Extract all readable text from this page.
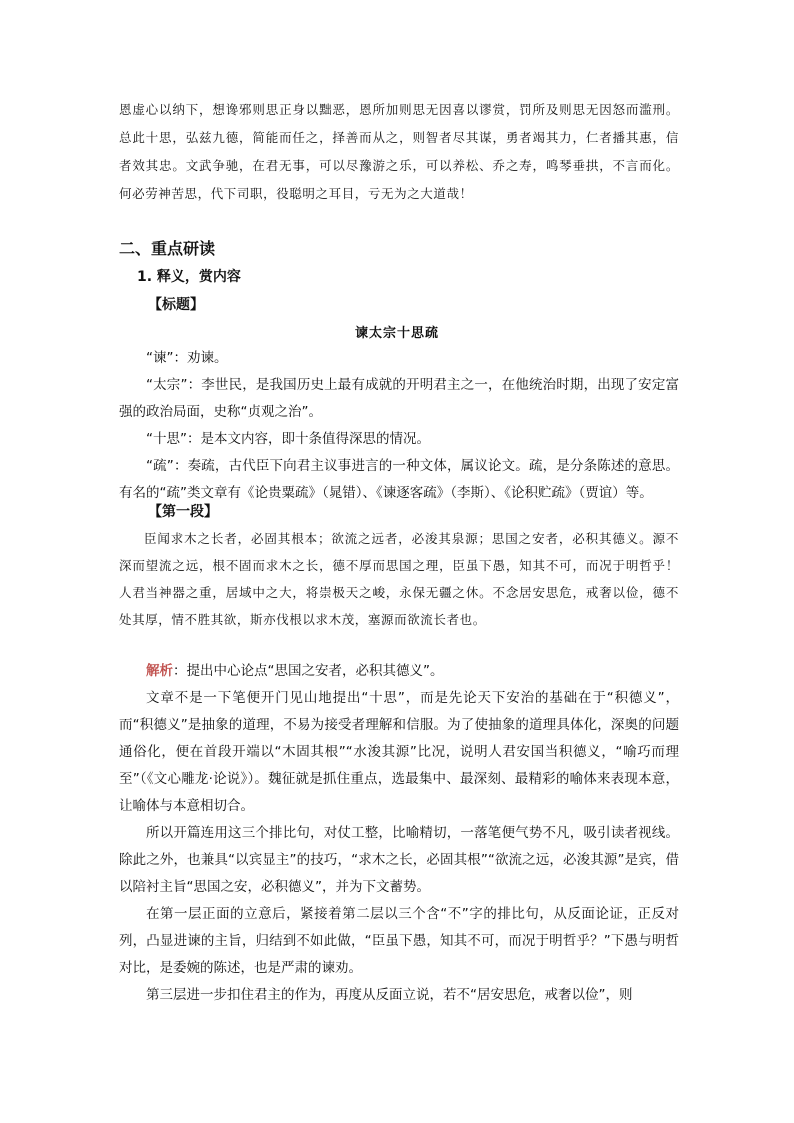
恩虚心以纳下，想谗邪则思正身以黜恶，恩所加则思无因喜以谬赏，罚所及则思无因怒而滥刑。总此十思，弘兹九德，简能而任之，择善而从之，则智者尽其谋，勇者竭其力，仁者播其惠，信者效其忠。文武争驰，在君无事，可以尽豫游之乐，可以养松、乔之寿，鸣琴垂拱，不言而化。何必劳神苦思，代下司职，役聪明之耳目，亏无为之大道哉！

二、重点研读
1. 释义，赏内容
【标题】
谏太宗十思疏

“谏”：劝谏。

“太宗”：李世民，是我国历史上最有成就的开明君主之一，在他统治时期，出现了安定富强的政治局面，史称“贞观之治”。

“十思”：是本文内容，即十条值得深思的情况。

“疏”：奏疏，古代臣下向君主议事进言的一种文体，属议论文。疏，是分条陈述的意思。有名的“疏”类文章有《论贵粟疏》（晁错）、《谏逐客疏》（李斯）、《论积贮疏》（贾谊）等。

【第一段】

臣闻求木之长者，必固其根本；欲流之远者，必浚其泉源；思国之安者，必积其德义。源不深而望流之远，根不固而求木之长，德不厚而思国之理，臣虽下愚，知其不可，而况于明哲乎！人君当神器之重，居域中之大，将崇极天之峻，永保无疆之休。不念居安思危，戒奢以俭，德不处其厚，情不胜其欲，斯亦伐根以求木茂，塞源而欲流长者也。

解析：提出中心论点“思国之安者，必积其德义”。

文章不是一下笔便开门见山地提出“十思”，而是先论天下安治的基础在于“积德义”，而“积德义”是抽象的道理，不易为接受者理解和信服。为了使抽象的道理具体化，深奥的问题通俗化，便在首段开端以“木固其根”“水浚其源”比况，说明人君安国当积德义，“喻巧而理至”（《文心雕龙·论说》）。魏征就是抓住重点，选最集中、最深刻、最精彩的喻体来表现本意，让喻体与本意相切合。

所以开篇连用这三个排比句，对仗工整，比喻精切，一落笔便气势不凡，吸引读者视线。除此之外，也兼具“以宾显主”的技巧，“求木之长，必固其根”“欲流之远，必浚其源”是宾，借以陪衬主旨“思国之安，必积德义”，并为下文蓄势。

在第一层正面的立意后，紧接着第二层以三个含“不”字的排比句，从反面论证，正反对列，凸显进谏的主旨，归结到不如此做，“臣虽下愚，知其不可，而况于明哲乎？”下愚与明哲对比，是委婉的陈述，也是严肃的谏劝。

第三层进一步扣住君主的作为，再度从反面立说，若不“居安思危，戒奢以俭”，则
